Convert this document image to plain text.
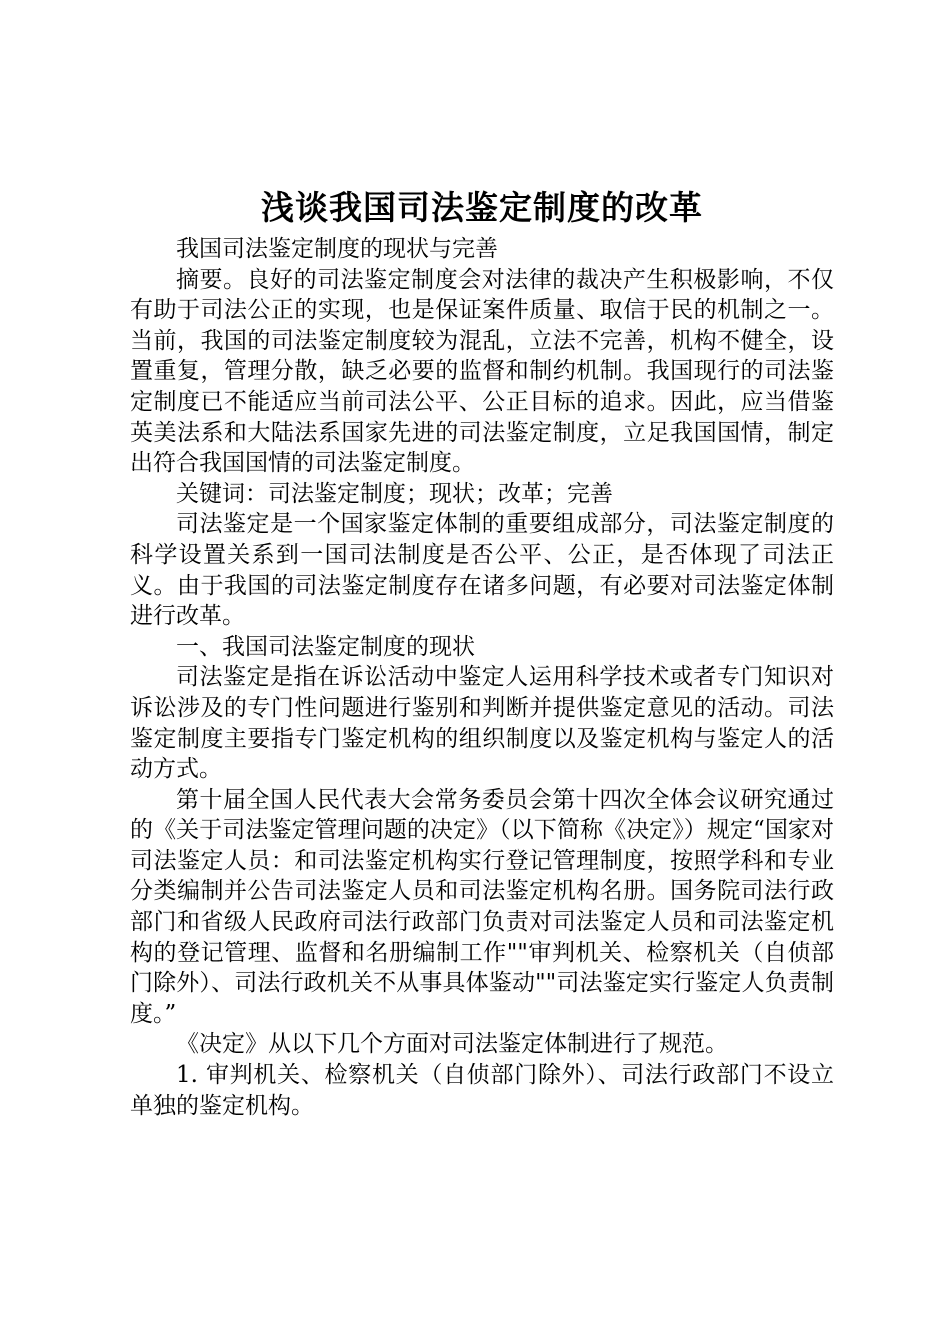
浅谈我国司法鉴定制度的改革

我国司法鉴定制度的现状与完善

摘要。良好的司法鉴定制度会对法律的裁决产生积极影响，不仅有助于司法公正的实现，也是保证案件质量、取信于民的机制之一。当前，我国的司法鉴定制度较为混乱，立法不完善，机构不健全，设置重复，管理分散，缺乏必要的监督和制约机制。我国现行的司法鉴定制度已不能适应当前司法公平、公正目标的追求。因此，应当借鉴英美法系和大陆法系国家先进的司法鉴定制度，立足我国国情，制定出符合我国国情的司法鉴定制度。

关键词：司法鉴定制度；现状；改革；完善

司法鉴定是一个国家鉴定体制的重要组成部分，司法鉴定制度的科学设置关系到一国司法制度是否公平、公正，是否体现了司法正义。由于我国的司法鉴定制度存在诸多问题，有必要对司法鉴定体制进行改革。

一、我国司法鉴定制度的现状

司法鉴定是指在诉讼活动中鉴定人运用科学技术或者专门知识对诉讼涉及的专门性问题进行鉴别和判断并提供鉴定意见的活动。司法鉴定制度主要指专门鉴定机构的组织制度以及鉴定机构与鉴定人的活动方式。

第十届全国人民代表大会常务委员会第十四次全体会议研究通过的《关于司法鉴定管理问题的决定》（以下简称《决定》）规定“国家对司法鉴定人员：和司法鉴定机构实行登记管理制度，按照学科和专业分类编制并公告司法鉴定人员和司法鉴定机构名册。国务院司法行政部门和省级人民政府司法行政部门负责对司法鉴定人员和司法鉴定机构的登记管理、监督和名册编制工作""审判机关、检察机关（自侦部门除外）、司法行政机关不从事具体鉴动""司法鉴定实行鉴定人负责制度。”

《决定》从以下几个方面对司法鉴定体制进行了规范。

1. 审判机关、检察机关（自侦部门除外）、司法行政部门不设立单独的鉴定机构。
